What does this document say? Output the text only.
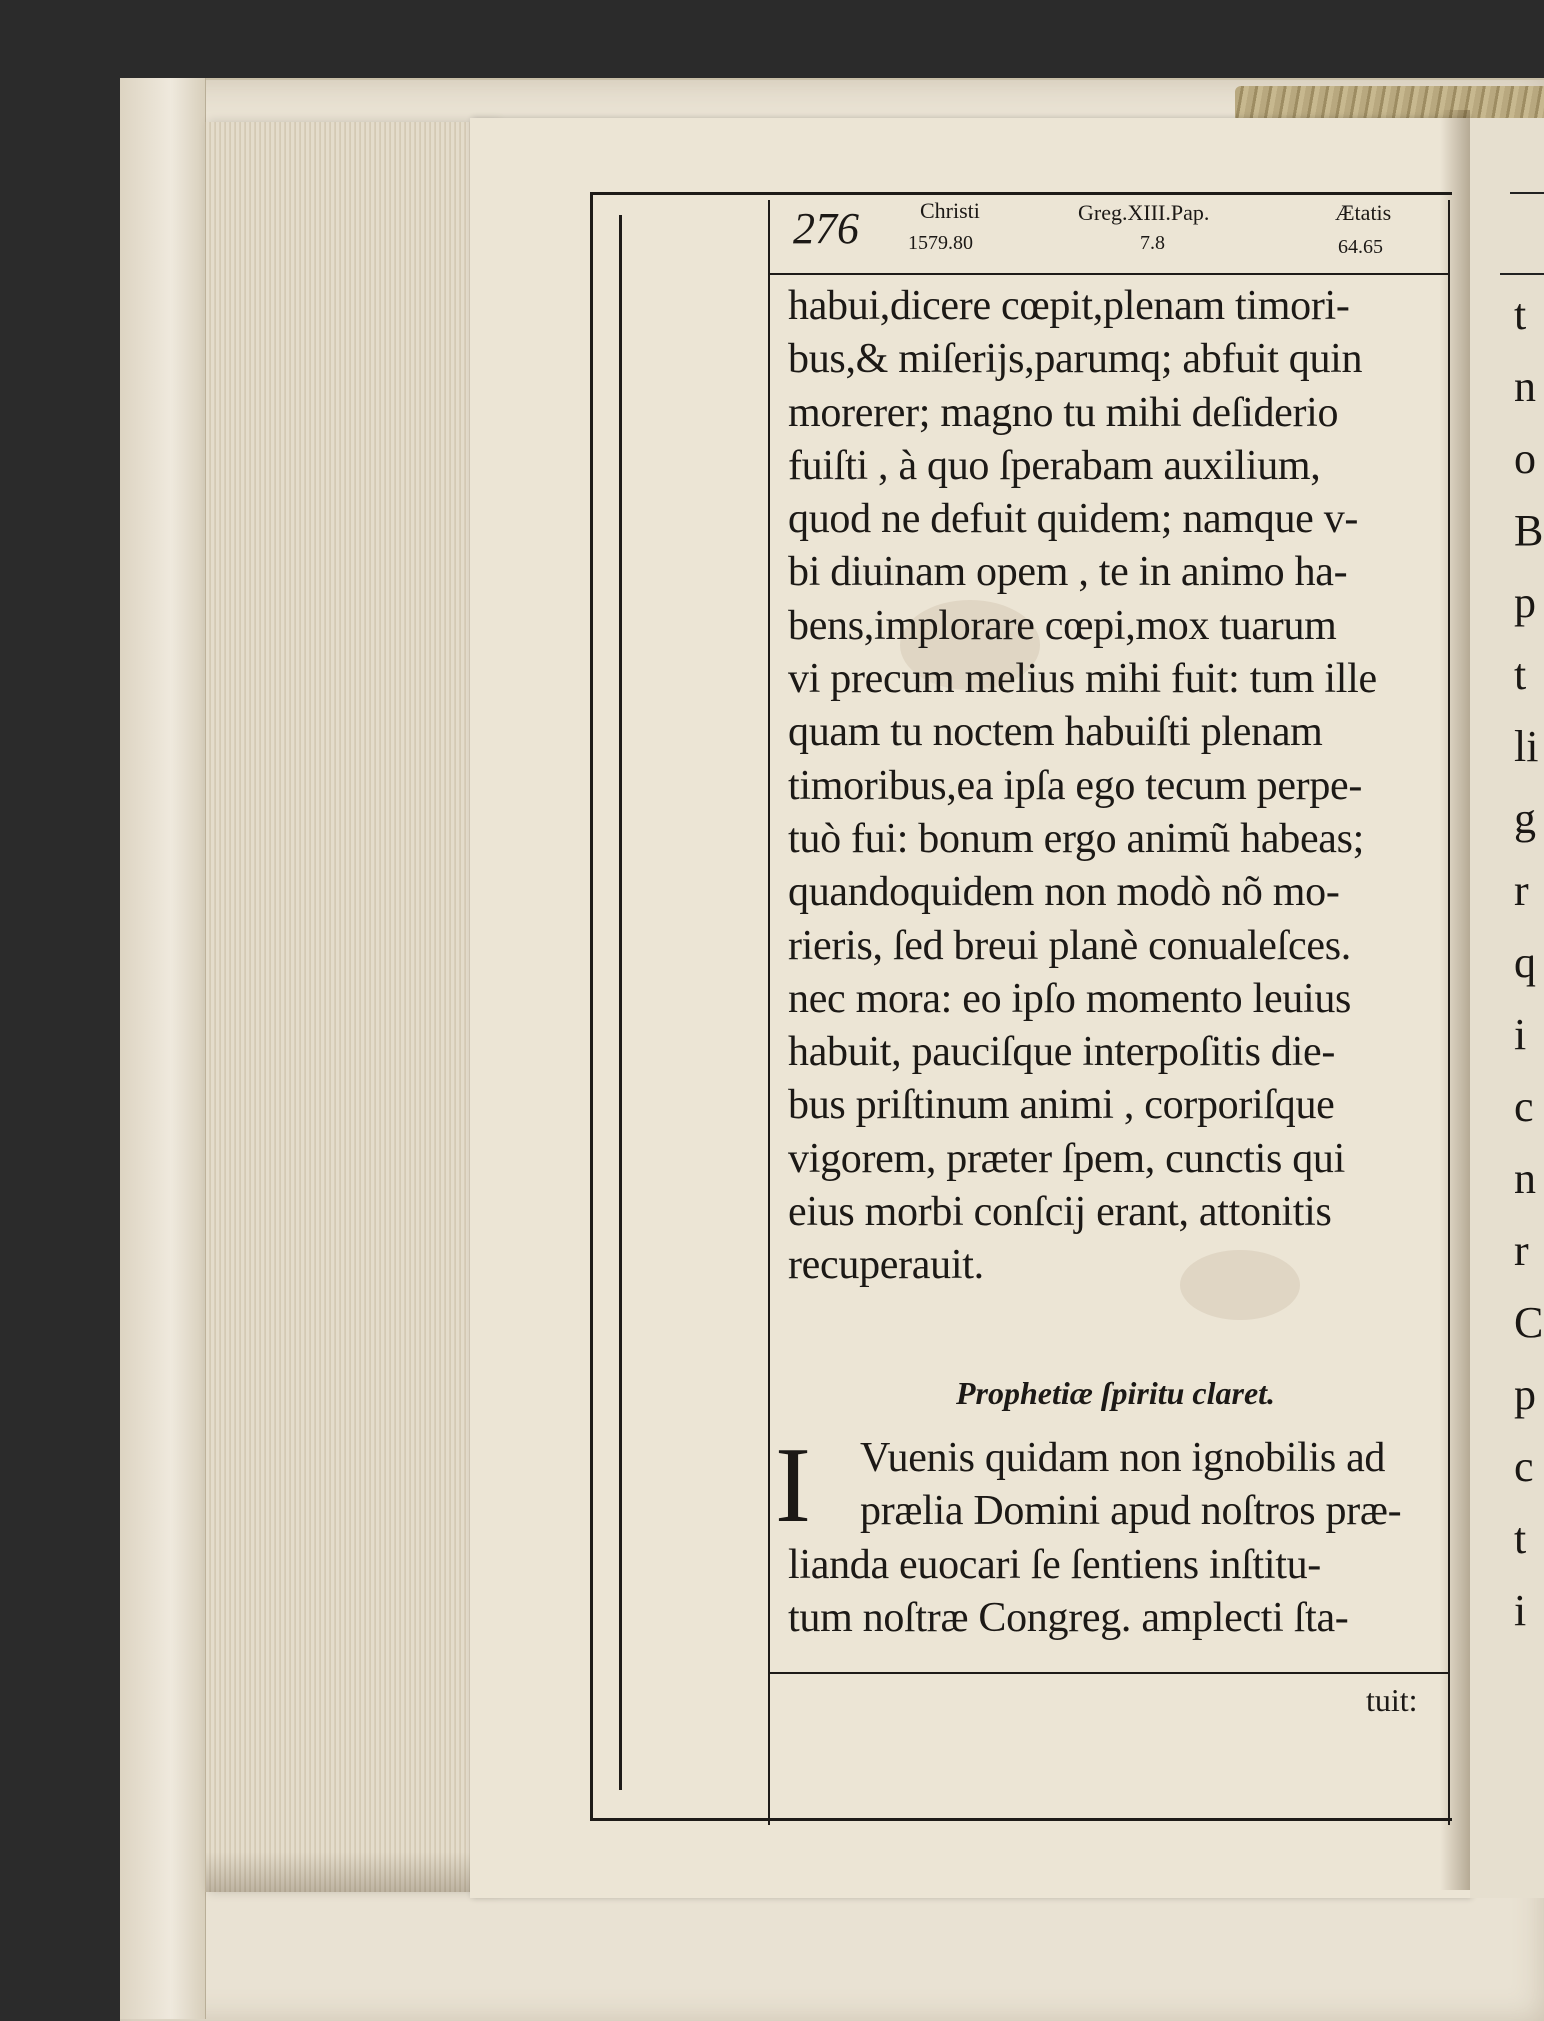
t
n
o
B
p
t
li
g
r
q
i
c
n
r
C
p
c
t
i
276	Christi
1579.80
Greg.XIII.Pap.
7.8
Ætatis
64.65
habui,dicere cœpit,plenam timori-
bus,& miſerijs,parumq; abfuit quin
morerer; magno tu mihi deſiderio
fuiſti , à quo ſperabam auxilium,
quod ne defuit quidem; namque v-
bi diuinam opem , te in animo ha-
bens,implorare cœpi,mox tuarum
vi precum melius mihi fuit: tum ille
quam tu noctem habuiſti plenam
timoribus,ea ipſa ego tecum perpe-
tuò fui: bonum ergo animũ habeas;
quandoquidem non modò nõ mo-
rieris, ſed breui planè conualeſces.
nec mora: eo ipſo momento leuius
habuit, pauciſque interpoſitis die-
bus priſtinum animi , corporiſque
vigorem, præter ſpem, cunctis qui
eius morbi conſcij erant, attonitis
recuperauit.
Prophetiæ ſpiritu claret.
I	Vuenis quidam non ignobilis ad
prælia Domini apud noſtros præ-
lianda euocari ſe ſentiens inſtitu-
tum noſtræ Congreg. amplecti ſta-
tuit:
